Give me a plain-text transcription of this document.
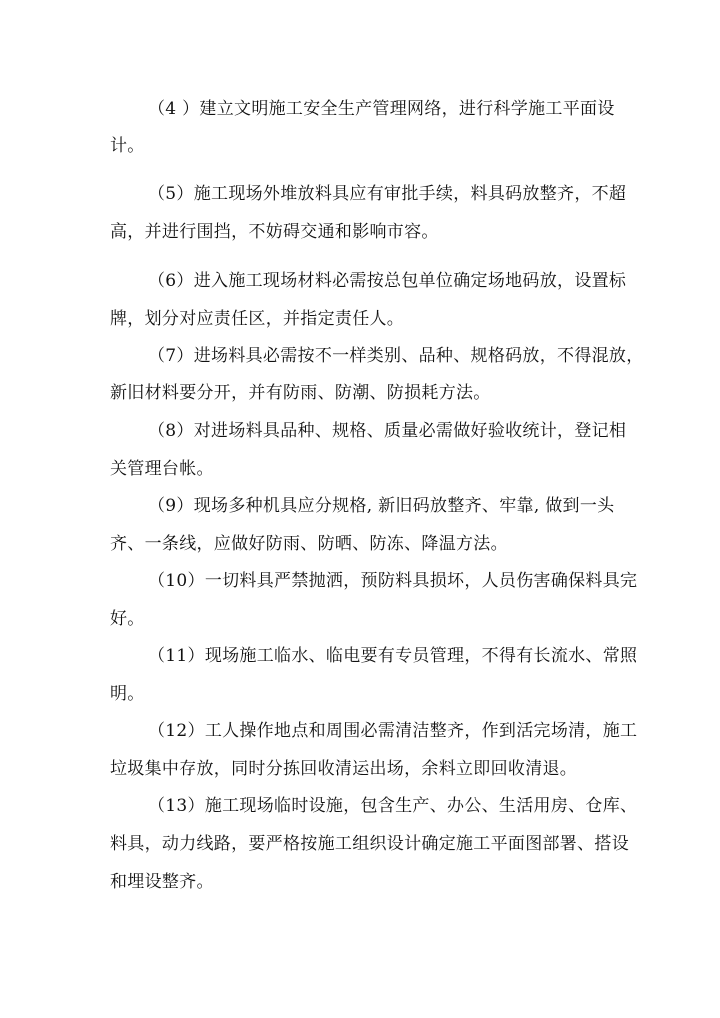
（4 ）建立文明施工安全生产管理网络，进行科学施工平面设
计。
（5）施工现场外堆放料具应有审批手续，料具码放整齐，不超
高，并进行围挡，不妨碍交通和影响市容。
（6）进入施工现场材料必需按总包单位确定场地码放，设置标
牌，划分对应责任区，并指定责任人。
（7）进场料具必需按不一样类别、品种、规格码放，不得混放，
新旧材料要分开，并有防雨、防潮、防损耗方法。
（8）对进场料具品种、规格、质量必需做好验收统计，登记相
关管理台帐。
（9）现场多种机具应分规格, 新旧码放整齐、牢靠, 做到一头
齐、一条线，应做好防雨、防晒、防冻、降温方法。
（10）一切料具严禁抛洒，预防料具损坏，人员伤害确保料具完
好。
（11）现场施工临水、临电要有专员管理，不得有长流水、常照
明。
（12）工人操作地点和周围必需清洁整齐，作到活完场清，施工
垃圾集中存放，同时分拣回收清运出场，余料立即回收清退。
（13）施工现场临时设施，包含生产、办公、生活用房、仓库、
料具，动力线路，要严格按施工组织设计确定施工平面图部署、搭设
和埋设整齐。
